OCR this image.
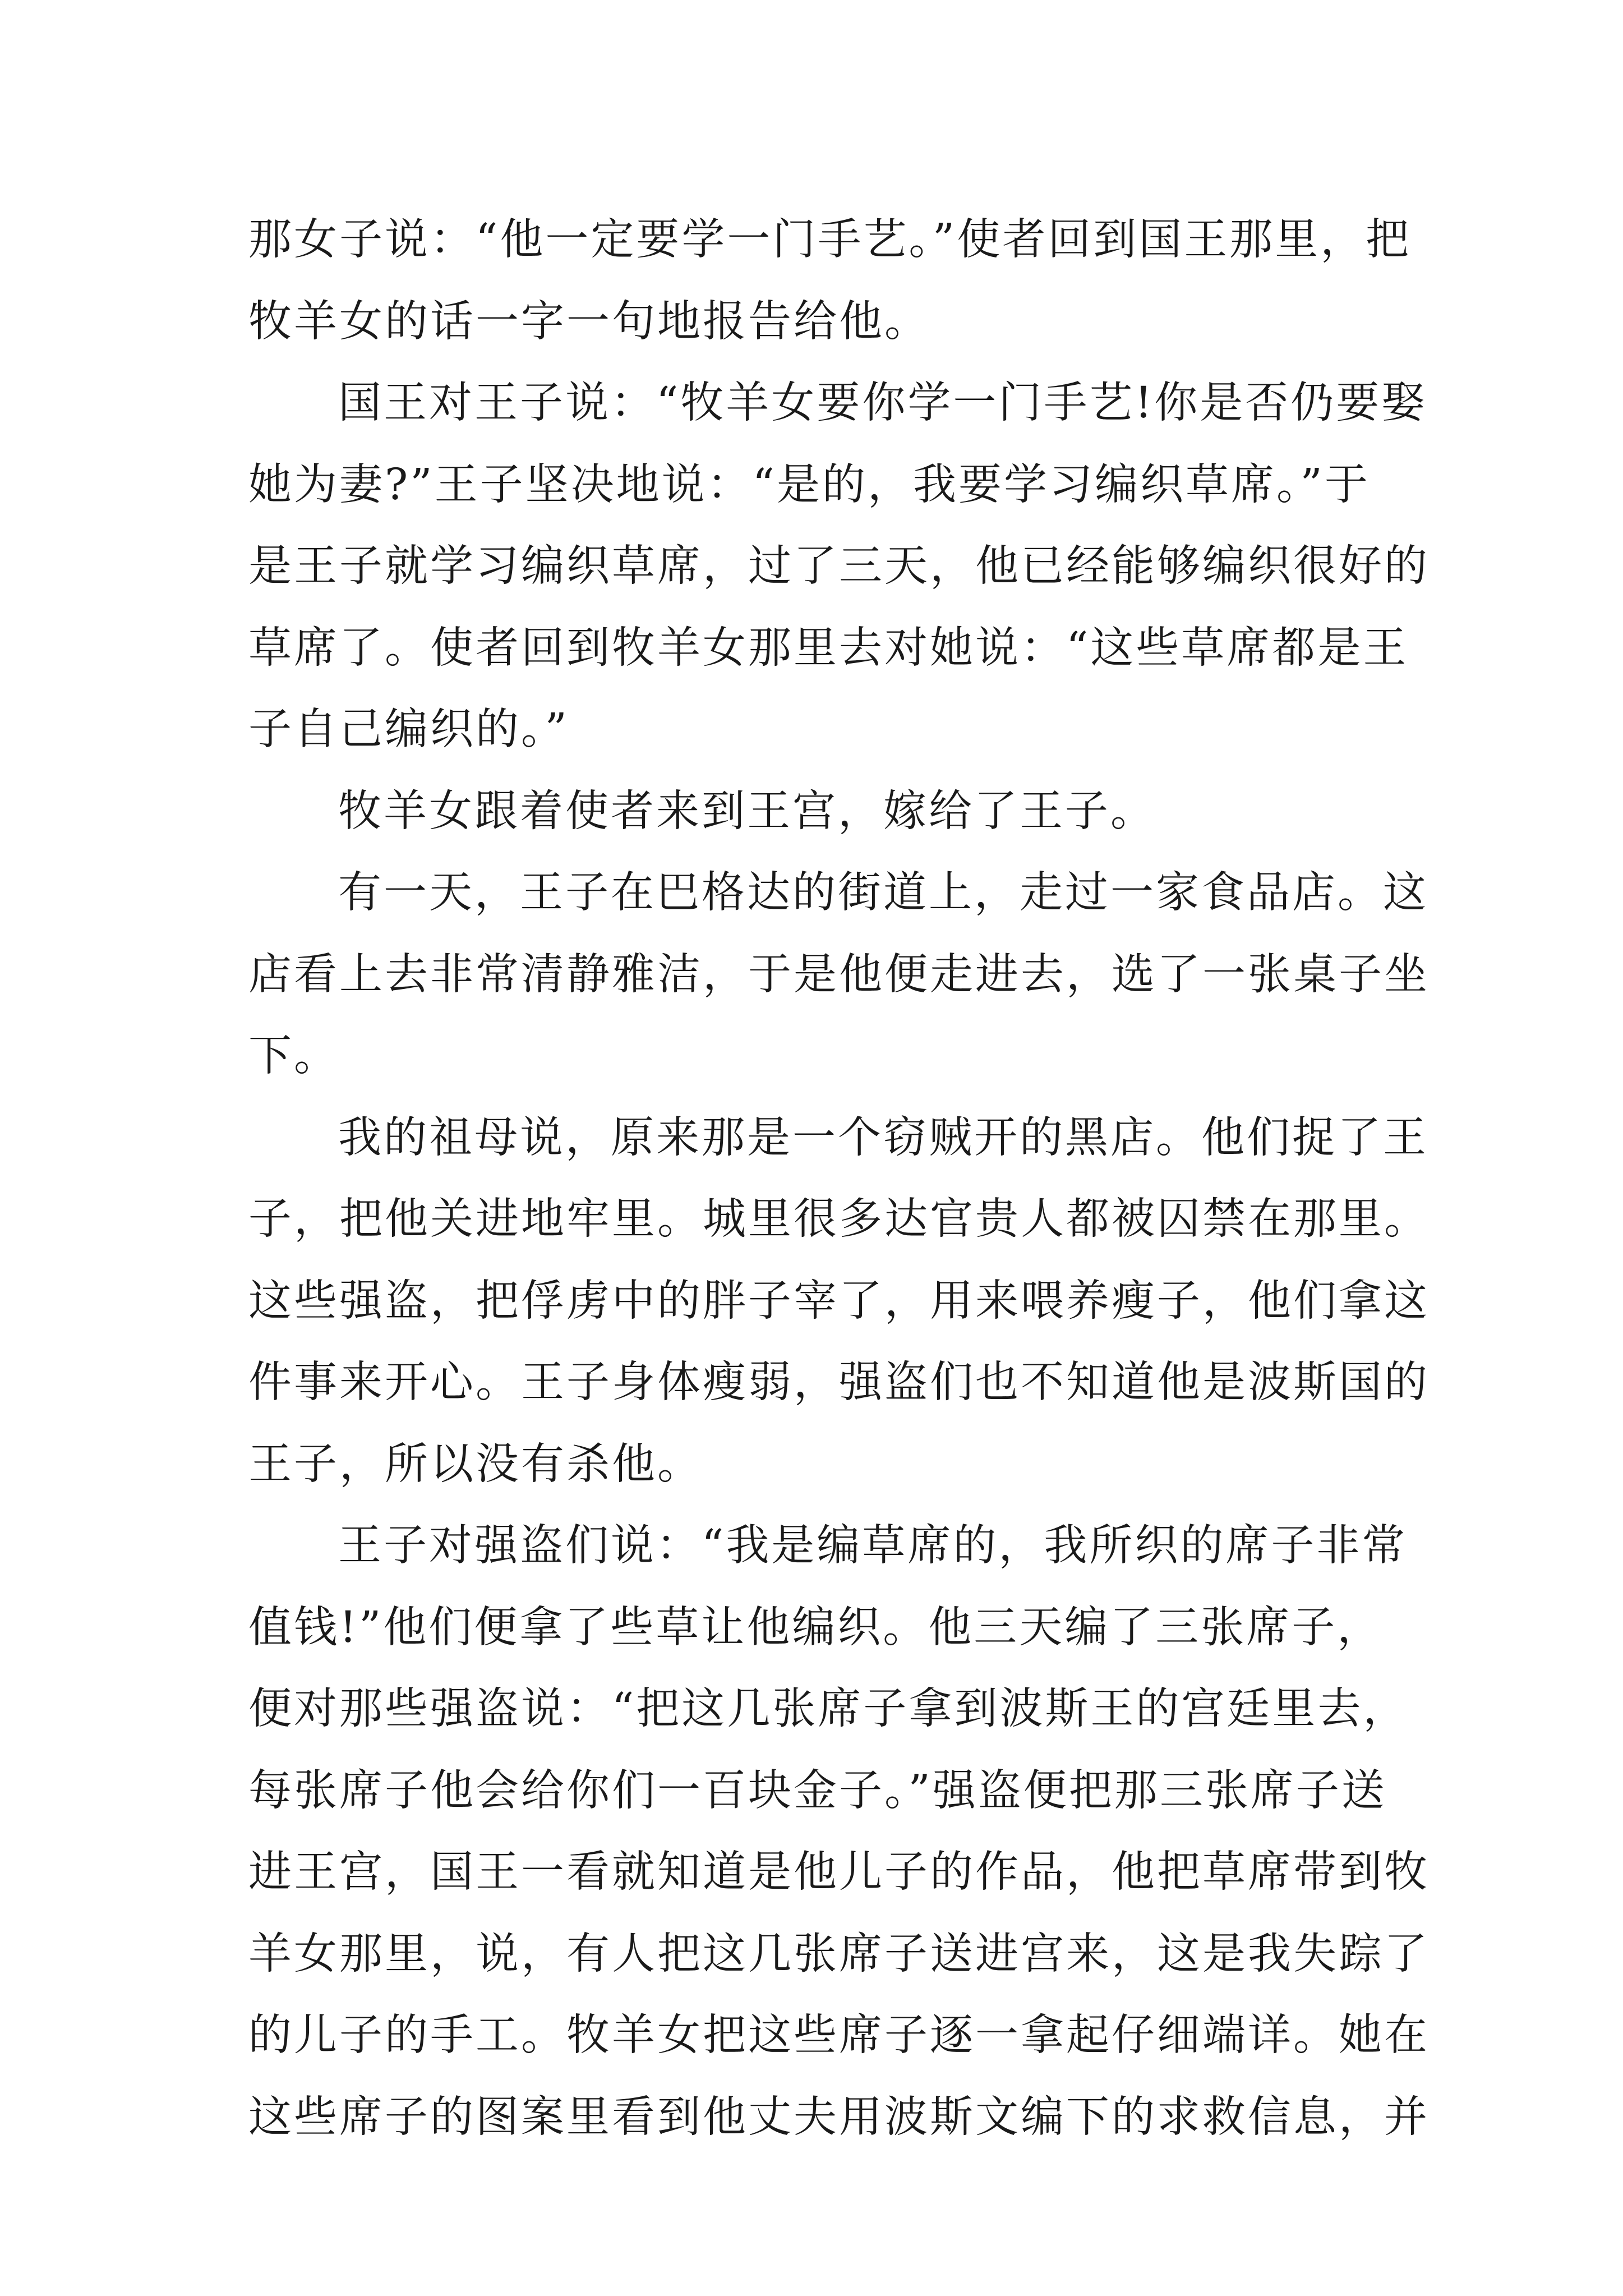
那女子说：“他一定要学一门手艺。”使者回到国王那里，把
牧羊女的话一字一句地报告给他。
国王对王子说：“牧羊女要你学一门手艺!你是否仍要娶
她为妻?”王子坚决地说：“是的，我要学习编织草席。”于
是王子就学习编织草席，过了三天，他已经能够编织很好的
草席了。使者回到牧羊女那里去对她说：“这些草席都是王
子自己编织的。”
牧羊女跟着使者来到王宫，嫁给了王子。
有一天，王子在巴格达的街道上，走过一家食品店。这
店看上去非常清静雅洁，于是他便走进去，选了一张桌子坐
下。
我的祖母说，原来那是一个窃贼开的黑店。他们捉了王
子，把他关进地牢里。城里很多达官贵人都被囚禁在那里。
这些强盗，把俘虏中的胖子宰了，用来喂养瘦子，他们拿这
件事来开心。王子身体瘦弱，强盗们也不知道他是波斯国的
王子，所以没有杀他。
王子对强盗们说：“我是编草席的，我所织的席子非常
值钱!”他们便拿了些草让他编织。他三天编了三张席子，
便对那些强盗说：“把这几张席子拿到波斯王的宫廷里去，
每张席子他会给你们一百块金子。”强盗便把那三张席子送
进王宫，国王一看就知道是他儿子的作品，他把草席带到牧
羊女那里，说，有人把这几张席子送进宫来，这是我失踪了
的儿子的手工。牧羊女把这些席子逐一拿起仔细端详。她在
这些席子的图案里看到他丈夫用波斯文编下的求救信息，并
